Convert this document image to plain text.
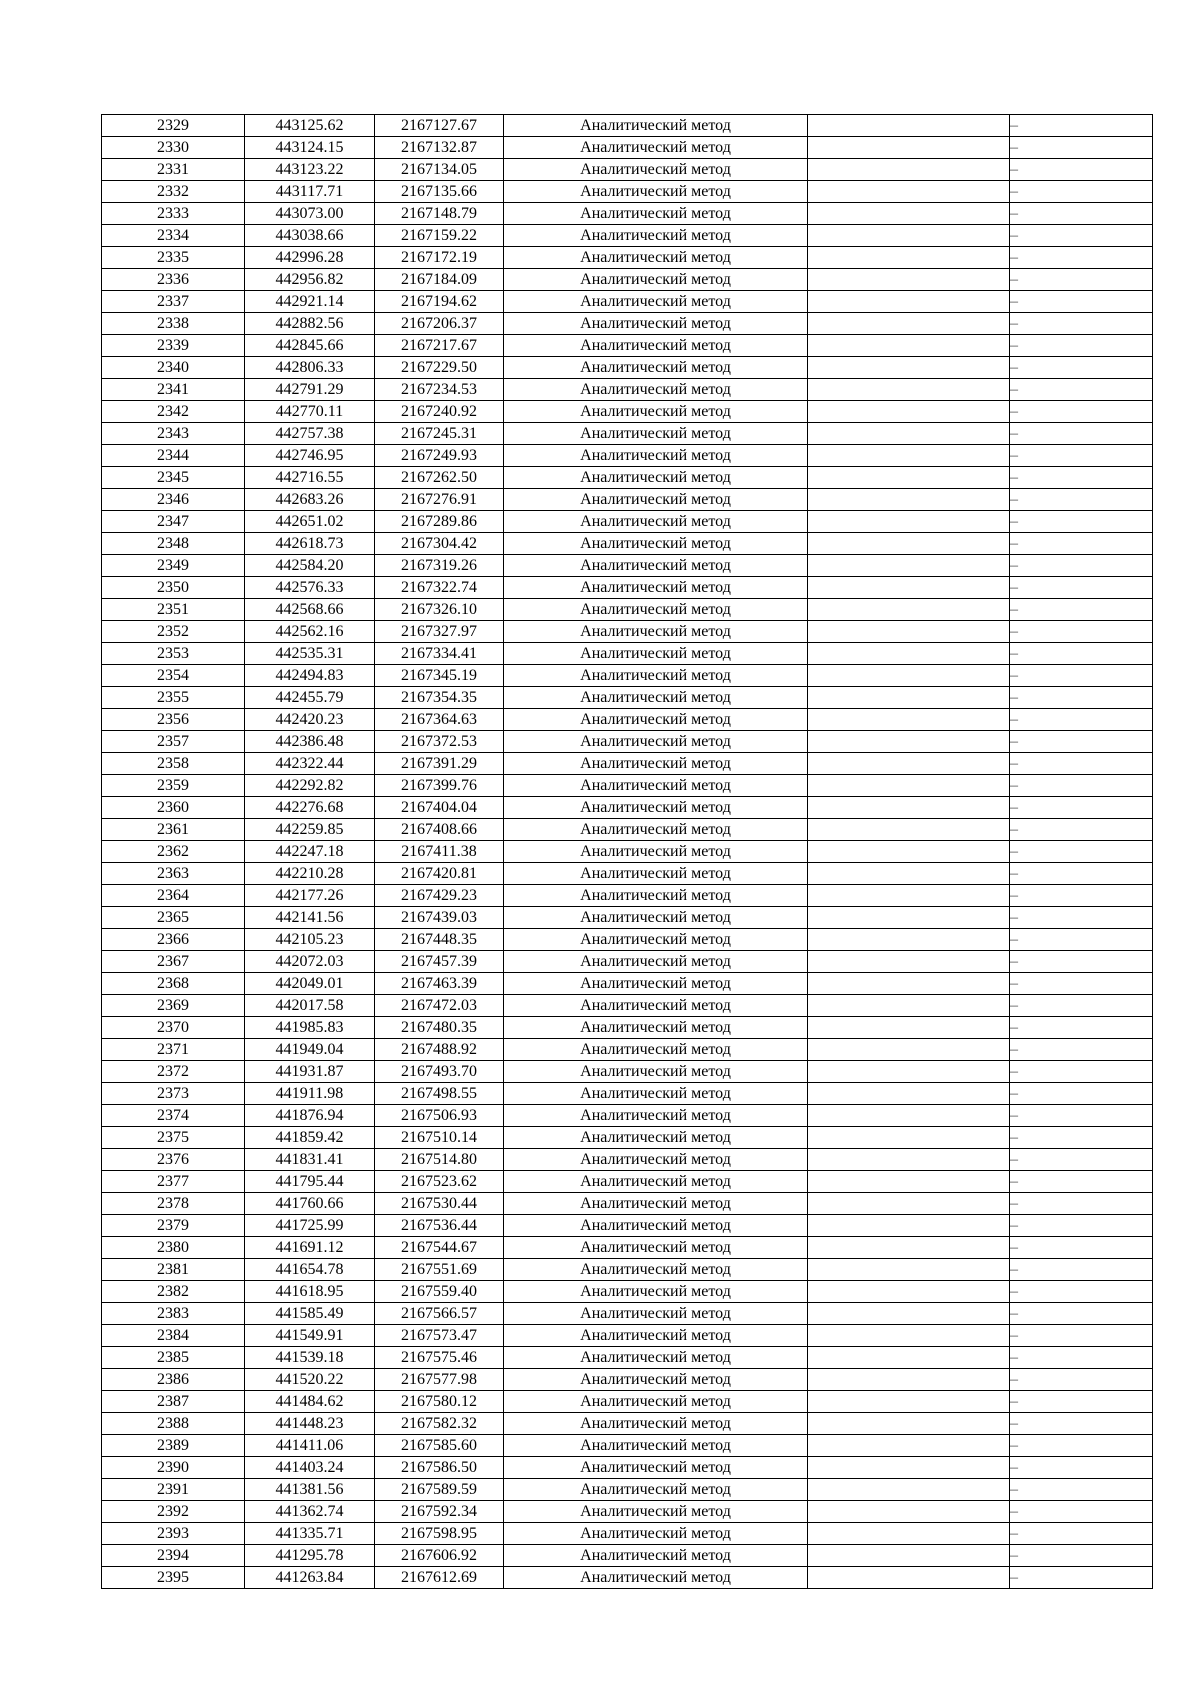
2329	443125.62	2167127.67	Аналитический метод		–
2330	443124.15	2167132.87	Аналитический метод		–
2331	443123.22	2167134.05	Аналитический метод		–
2332	443117.71	2167135.66	Аналитический метод		–
2333	443073.00	2167148.79	Аналитический метод		–
2334	443038.66	2167159.22	Аналитический метод		–
2335	442996.28	2167172.19	Аналитический метод		–
2336	442956.82	2167184.09	Аналитический метод		–
2337	442921.14	2167194.62	Аналитический метод		–
2338	442882.56	2167206.37	Аналитический метод		–
2339	442845.66	2167217.67	Аналитический метод		–
2340	442806.33	2167229.50	Аналитический метод		–
2341	442791.29	2167234.53	Аналитический метод		–
2342	442770.11	2167240.92	Аналитический метод		–
2343	442757.38	2167245.31	Аналитический метод		–
2344	442746.95	2167249.93	Аналитический метод		–
2345	442716.55	2167262.50	Аналитический метод		–
2346	442683.26	2167276.91	Аналитический метод		–
2347	442651.02	2167289.86	Аналитический метод		–
2348	442618.73	2167304.42	Аналитический метод		–
2349	442584.20	2167319.26	Аналитический метод		–
2350	442576.33	2167322.74	Аналитический метод		–
2351	442568.66	2167326.10	Аналитический метод		–
2352	442562.16	2167327.97	Аналитический метод		–
2353	442535.31	2167334.41	Аналитический метод		–
2354	442494.83	2167345.19	Аналитический метод		–
2355	442455.79	2167354.35	Аналитический метод		–
2356	442420.23	2167364.63	Аналитический метод		–
2357	442386.48	2167372.53	Аналитический метод		–
2358	442322.44	2167391.29	Аналитический метод		–
2359	442292.82	2167399.76	Аналитический метод		–
2360	442276.68	2167404.04	Аналитический метод		–
2361	442259.85	2167408.66	Аналитический метод		–
2362	442247.18	2167411.38	Аналитический метод		–
2363	442210.28	2167420.81	Аналитический метод		–
2364	442177.26	2167429.23	Аналитический метод		–
2365	442141.56	2167439.03	Аналитический метод		–
2366	442105.23	2167448.35	Аналитический метод		–
2367	442072.03	2167457.39	Аналитический метод		–
2368	442049.01	2167463.39	Аналитический метод		–
2369	442017.58	2167472.03	Аналитический метод		–
2370	441985.83	2167480.35	Аналитический метод		–
2371	441949.04	2167488.92	Аналитический метод		–
2372	441931.87	2167493.70	Аналитический метод		–
2373	441911.98	2167498.55	Аналитический метод		–
2374	441876.94	2167506.93	Аналитический метод		–
2375	441859.42	2167510.14	Аналитический метод		–
2376	441831.41	2167514.80	Аналитический метод		–
2377	441795.44	2167523.62	Аналитический метод		–
2378	441760.66	2167530.44	Аналитический метод		–
2379	441725.99	2167536.44	Аналитический метод		–
2380	441691.12	2167544.67	Аналитический метод		–
2381	441654.78	2167551.69	Аналитический метод		–
2382	441618.95	2167559.40	Аналитический метод		–
2383	441585.49	2167566.57	Аналитический метод		–
2384	441549.91	2167573.47	Аналитический метод		–
2385	441539.18	2167575.46	Аналитический метод		–
2386	441520.22	2167577.98	Аналитический метод		–
2387	441484.62	2167580.12	Аналитический метод		–
2388	441448.23	2167582.32	Аналитический метод		–
2389	441411.06	2167585.60	Аналитический метод		–
2390	441403.24	2167586.50	Аналитический метод		–
2391	441381.56	2167589.59	Аналитический метод		–
2392	441362.74	2167592.34	Аналитический метод		–
2393	441335.71	2167598.95	Аналитический метод		–
2394	441295.78	2167606.92	Аналитический метод		–
2395	441263.84	2167612.69	Аналитический метод		–
